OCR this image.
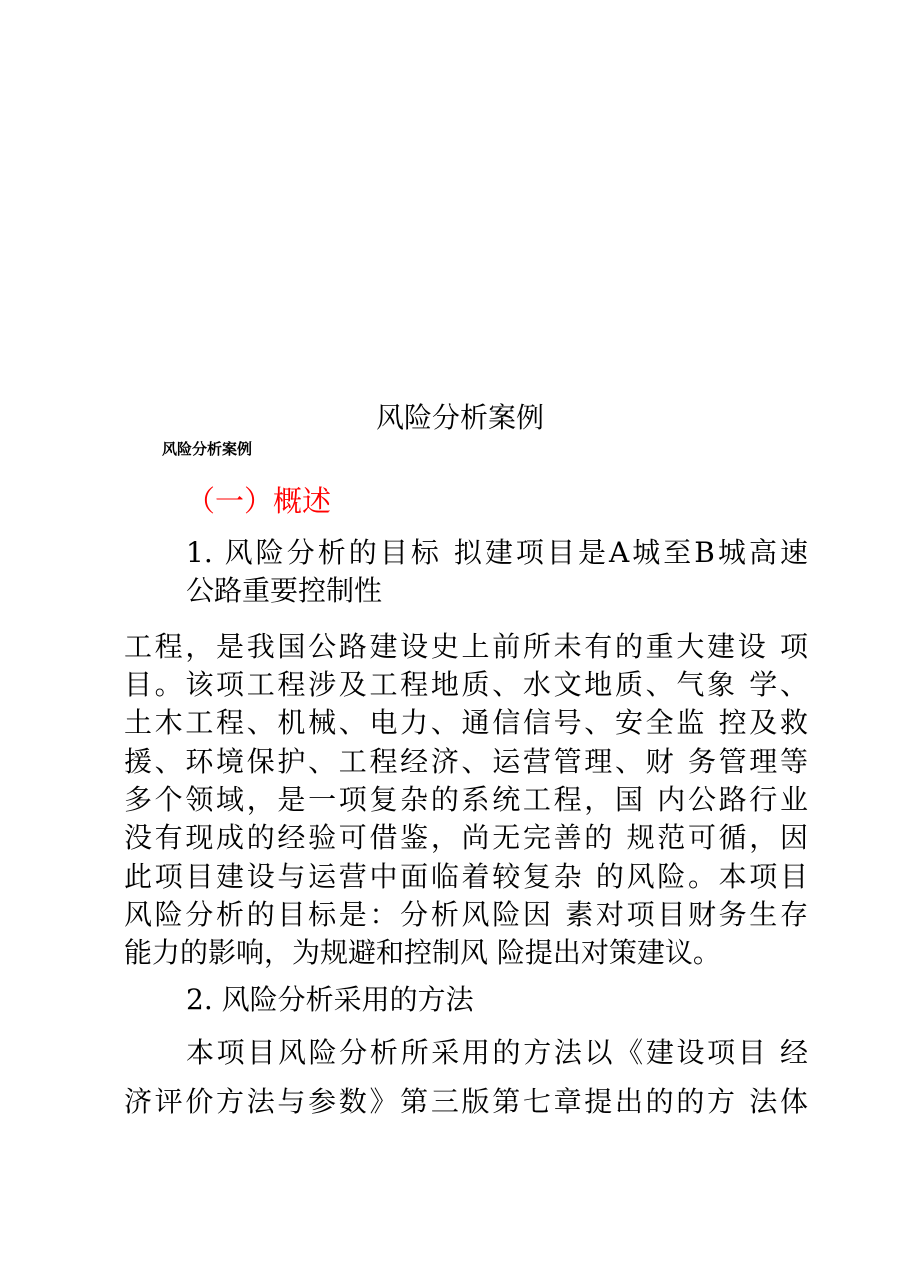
风险分析案例
风险分析案例
（一）概述
1. 风险分析的目标 拟建项目是A城至B城高速
公路重要控制性
工程，是我国公路建设史上前所未有的重大建设 项
目。该项工程涉及工程地质、水文地质、气象 学、
土木工程、机械、电力、通信信号、安全监 控及救
援、环境保护、工程经济、运营管理、财 务管理等
多个领域，是一项复杂的系统工程，国 内公路行业
没有现成的经验可借鉴，尚无完善的 规范可循，因
此项目建设与运营中面临着较复杂 的风险。本项目
风险分析的目标是：分析风险因 素对项目财务生存
能力的影响，为规避和控制风 险提出对策建议。
2. 风险分析采用的方法
本项目风险分析所采用的方法以《建设项目 经
济评价方法与参数》第三版第七章提出的的方 法体
